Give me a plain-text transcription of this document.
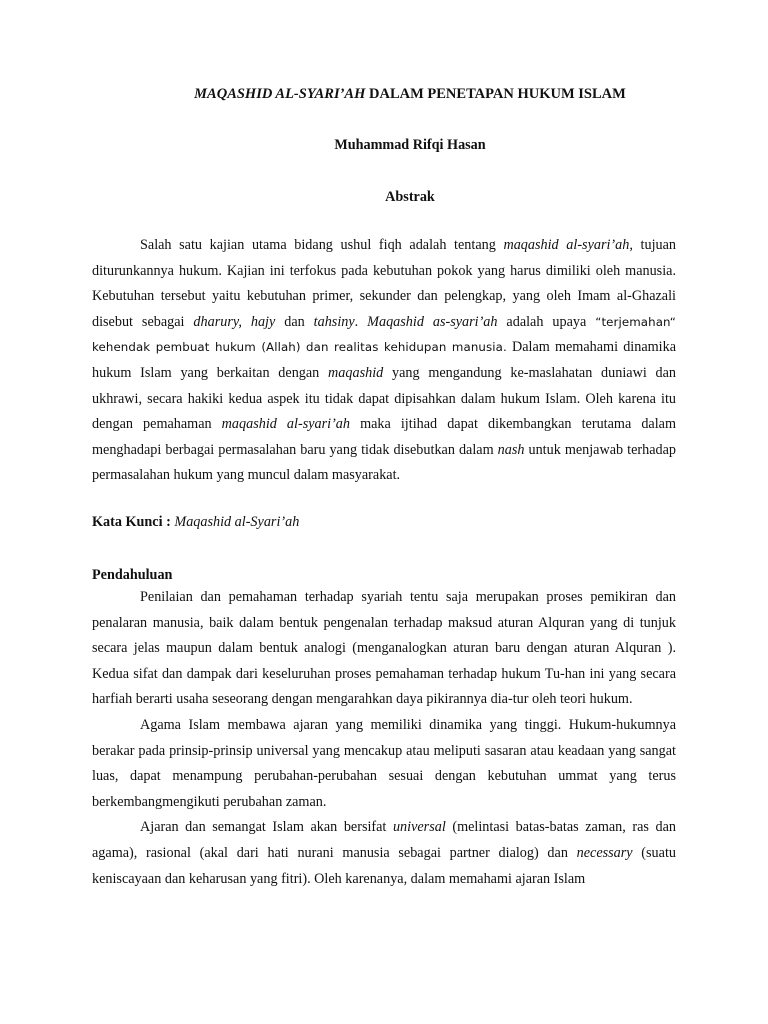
MAQASHID AL-SYARI’AH DALAM PENETAPAN HUKUM ISLAM
Muhammad Rifqi Hasan
Abstrak

Salah satu kajian utama bidang ushul fiqh adalah tentang maqashid al-syari’ah, tujuan diturunkannya hukum. Kajian ini terfokus pada kebutuhan pokok yang harus dimiliki oleh manusia. Kebutuhan tersebut yaitu kebutuhan primer, sekunder dan pelengkap, yang oleh Imam al-Ghazali disebut sebagai dharury, hajy dan tahsiny. Maqashid as-syari’ah adalah upaya “terjemahan“ kehendak pembuat hukum (Allah) dan realitas kehidupan manusia. Dalam memahami dinamika hukum Islam yang berkaitan dengan maqashid yang mengandung ke-maslahatan duniawi dan ukhrawi, secara hakiki kedua aspek itu tidak dapat dipisahkan dalam hukum Islam. Oleh karena itu dengan pemahaman maqashid al-syari’ah maka ijtihad dapat dikembangkan terutama dalam menghadapi berbagai permasalahan baru yang tidak disebutkan dalam nash untuk menjawab terhadap permasalahan hukum yang muncul dalam masyarakat.

Kata Kunci : Maqashid al-Syari’ah
Pendahuluan

Penilaian dan pemahaman terhadap syariah tentu saja merupakan proses pemikiran dan penalaran manusia, baik dalam bentuk pengenalan terhadap maksud aturan Alquran yang di tunjuk secara jelas maupun dalam bentuk analogi (menganalogkan aturan baru dengan aturan Alquran ). Kedua sifat dan dampak dari keseluruhan proses pemahaman terhadap hukum Tu-han ini yang secara harfiah berarti usaha seseorang dengan mengarahkan daya pikirannya dia-tur oleh teori hukum.

Agama Islam membawa ajaran yang memiliki dinamika yang tinggi. Hukum-hukumnya berakar pada prinsip-prinsip universal yang mencakup atau meliputi sasaran atau keadaan yang sangat luas, dapat menampung perubahan-perubahan sesuai dengan kebutuhan ummat yang terus berkembangmengikuti perubahan zaman.

Ajaran dan semangat Islam akan bersifat universal (melintasi batas-batas zaman, ras dan agama), rasional (akal dari hati nurani manusia sebagai partner dialog) dan necessary (suatu keniscayaan dan keharusan yang fitri). Oleh karenanya, dalam memahami ajaran Islam
